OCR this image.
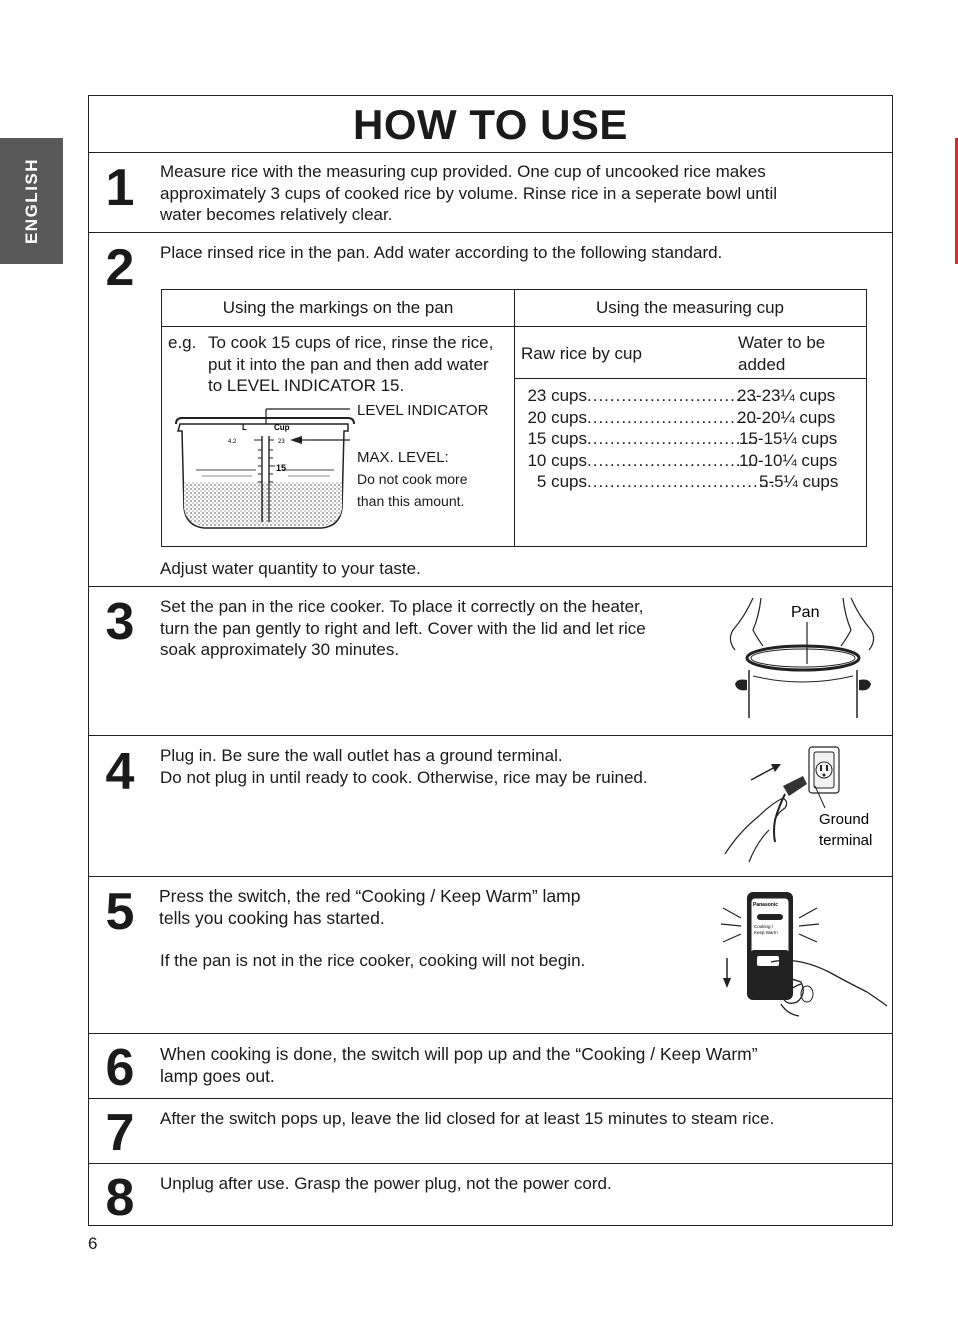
ENGLISH
HOW TO USE
1 Measure rice with the measuring cup provided. One cup of uncooked rice makes
approximately 3 cups of cooked rice by volume. Rinse rice in a seperate bowl until
water becomes relatively clear.
2 Place rinsed rice in the pan. Add water according to the following standard.
Using the markings on the pan	Using the measuring cup
e.g. To cook 15 cups of rice, rinse the rice,
put it into the pan and then add water
to LEVEL INDICATOR 15.
L	Cup
4.2	23
15
LEVEL INDICATOR
MAX. LEVEL:
Do not cook more
than this amount.
Raw rice by cup
Water to be
added
23 cups..............................23-23¼ cups
20 cups..............................20-20¼ cups
15 cups..............................15-15¼ cups
10 cups..............................10-10¼ cups
5 cups.................................5-5¼ cups
Adjust water quantity to your taste.
3 Set the pan in the rice cooker. To place it correctly on the heater,
turn the pan gently to right and left. Cover with the lid and let rice
soak approximately 30 minutes.
Pan
4 Plug in. Be sure the wall outlet has a ground terminal.
Do not plug in until ready to cook. Otherwise, rice may be ruined.
Ground
terminal
5 Press the switch, the red “Cooking / Keep Warm” lamp
tells you cooking has started.
If the pan is not in the rice cooker, cooking will not begin.
Panasonic
Cooking /
Keep Warm
6 When cooking is done, the switch will pop up and the “Cooking / Keep Warm”
lamp goes out.
7 After the switch pops up, leave the lid closed for at least 15 minutes to steam rice.
8 Unplug after use. Grasp the power plug, not the power cord.
6
